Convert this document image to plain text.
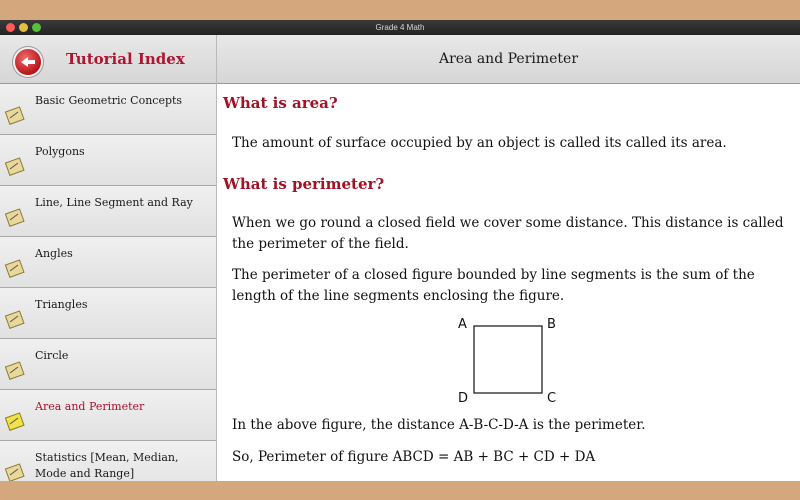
Grade 4 Math
Tutorial Index
Basic Geometric Concepts
Polygons
Line, Line Segment and Ray
Angles
Triangles
Circle
Area and Perimeter
Statistics [Mean, Median, Mode and Range]
Area and Perimeter
What is area?
The amount of surface occupied by an object is called its called its area.
What is perimeter?
When we go round a closed field we cover some distance. This distance is called the perimeter of the field.
The perimeter of a closed figure bounded by line segments is the sum of the length of the line segments enclosing the figure.
A	B
C
D
In the above figure, the distance A-B-C-D-A is the perimeter.
So, Perimeter of figure ABCD = AB + BC + CD + DA
